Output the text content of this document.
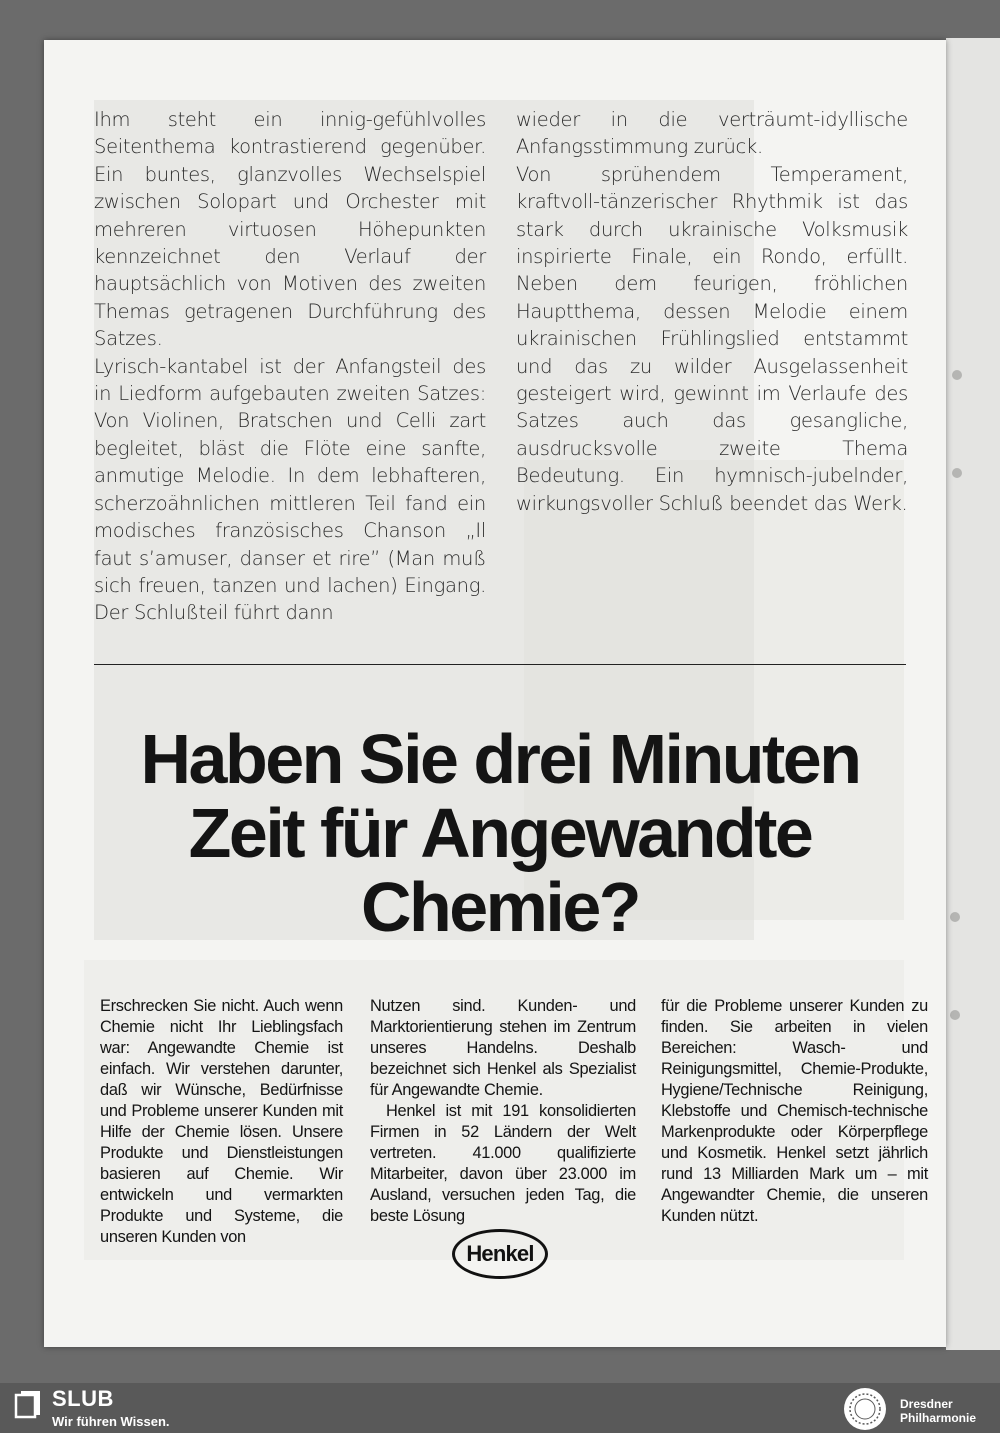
Ihm steht ein innig-gefühlvolles Seitenthema kontrastierend gegenüber. Ein buntes, glanzvolles Wechselspiel zwischen Solopart und Orchester mit mehreren virtuosen Höhepunkten kennzeichnet den Verlauf der hauptsächlich von Motiven des zweiten Themas getragenen Durchführung des Satzes.

Lyrisch-kantabel ist der Anfangsteil des in Liedform aufgebauten zweiten Satzes: Von Violinen, Bratschen und Celli zart begleitet, bläst die Flöte eine sanfte, anmutige Melodie. In dem lebhafteren, scherzoähnlichen mittleren Teil fand ein modisches französisches Chanson „Il faut s’amuser, danser et rire” (Man muß sich freuen, tanzen und lachen) Eingang. Der Schlußteil führt dann

wieder in die verträumt-idyllische Anfangsstimmung zurück.

Von sprühendem Temperament, kraftvoll-tänzerischer Rhythmik ist das stark durch ukrainische Volksmusik inspirierte Finale, ein Rondo, erfüllt. Neben dem feurigen, fröhlichen Hauptthema, dessen Melodie einem ukrainischen Frühlingslied entstammt und das zu wilder Ausgelassenheit gesteigert wird, gewinnt im Verlaufe des Satzes auch das gesangliche, ausdrucksvolle zweite Thema Bedeutung. Ein hymnisch-jubelnder, wirkungsvoller Schluß beendet das Werk.

Haben Sie drei Minuten
Zeit für Angewandte
Chemie?

Erschrecken Sie nicht. Auch wenn Chemie nicht Ihr Lieblingsfach war: Angewandte Chemie ist einfach. Wir verstehen darunter, daß wir Wünsche, Bedürfnisse und Probleme unserer Kunden mit Hilfe der Chemie lösen. Unsere Produkte und Dienstleistungen basieren auf Chemie. Wir entwickeln und vermarkten Produkte und Systeme, die unseren Kunden von

Nutzen sind. Kunden- und Marktorientierung stehen im Zentrum unseres Handelns. Deshalb bezeichnet sich Henkel als Spezialist für Angewandte Chemie.

Henkel ist mit 191 konsolidierten Firmen in 52 Ländern der Welt vertreten. 41.000 qualifizierte Mitarbeiter, davon über 23.000 im Ausland, versuchen jeden Tag, die beste Lösung

für die Probleme unserer Kunden zu finden. Sie arbeiten in vielen Bereichen: Wasch- und Reinigungsmittel, Chemie-Produkte, Hygiene/Technische Reinigung, Klebstoffe und Chemisch-technische Markenprodukte oder Körperpflege und Kosmetik. Henkel setzt jährlich rund 13 Milliarden Mark um – mit Angewandter Chemie, die unseren Kunden nützt.

Henkel
SLUB
Wir führen Wissen.
Dresdner
Philharmonie
